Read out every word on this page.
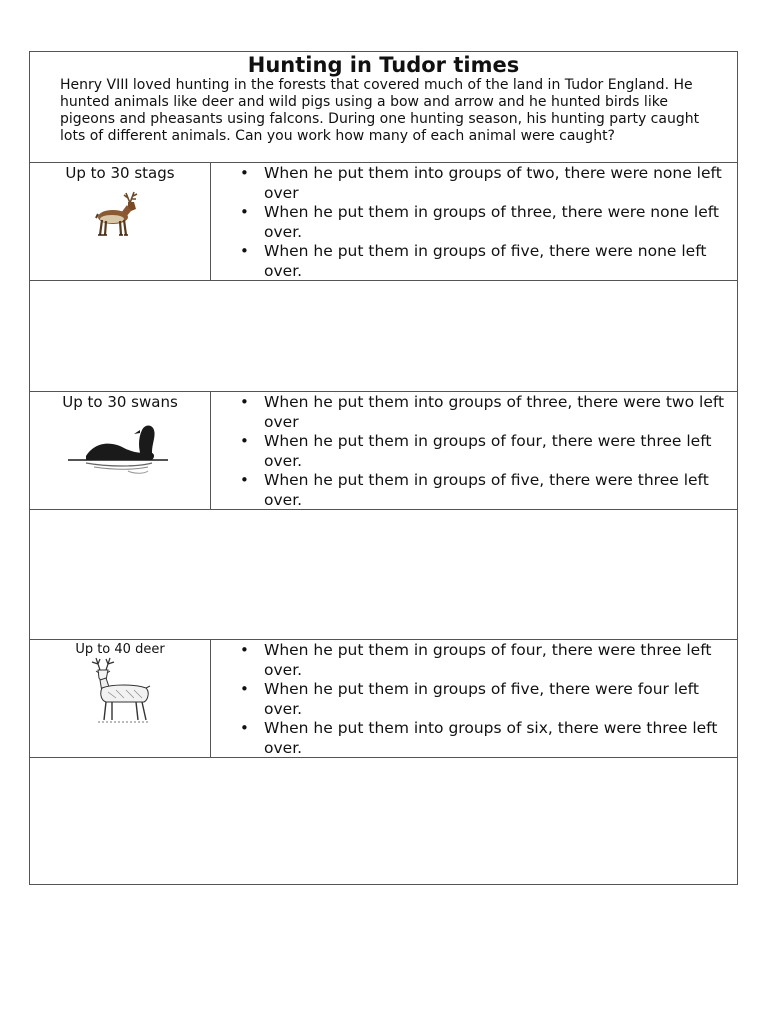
Hunting in Tudor times
Henry VIII loved hunting in the forests that covered much of the land in Tudor England. He hunted animals like deer and wild pigs using a bow and arrow and he hunted birds like pigeons and pheasants using falcons. During one hunting season, his hunting party caught lots of different animals. Can you work how many of each animal were caught?
Up to 30 stags	• When he put them into groups of two, there were none left over
• When he put them in groups of three, there were none left over.
• When he put them in groups of five, there were none left over.
Up to 30 swans	• When he put them into groups of three, there were two left over
• When he put them in groups of four, there were three left over.
• When he put them in groups of five, there were three left over.
Up to 40 deer	• When he put them in groups of four, there were three left over.
• When he put them in groups of five, there were four left over.
• When he put them into groups of six, there were three left over.
